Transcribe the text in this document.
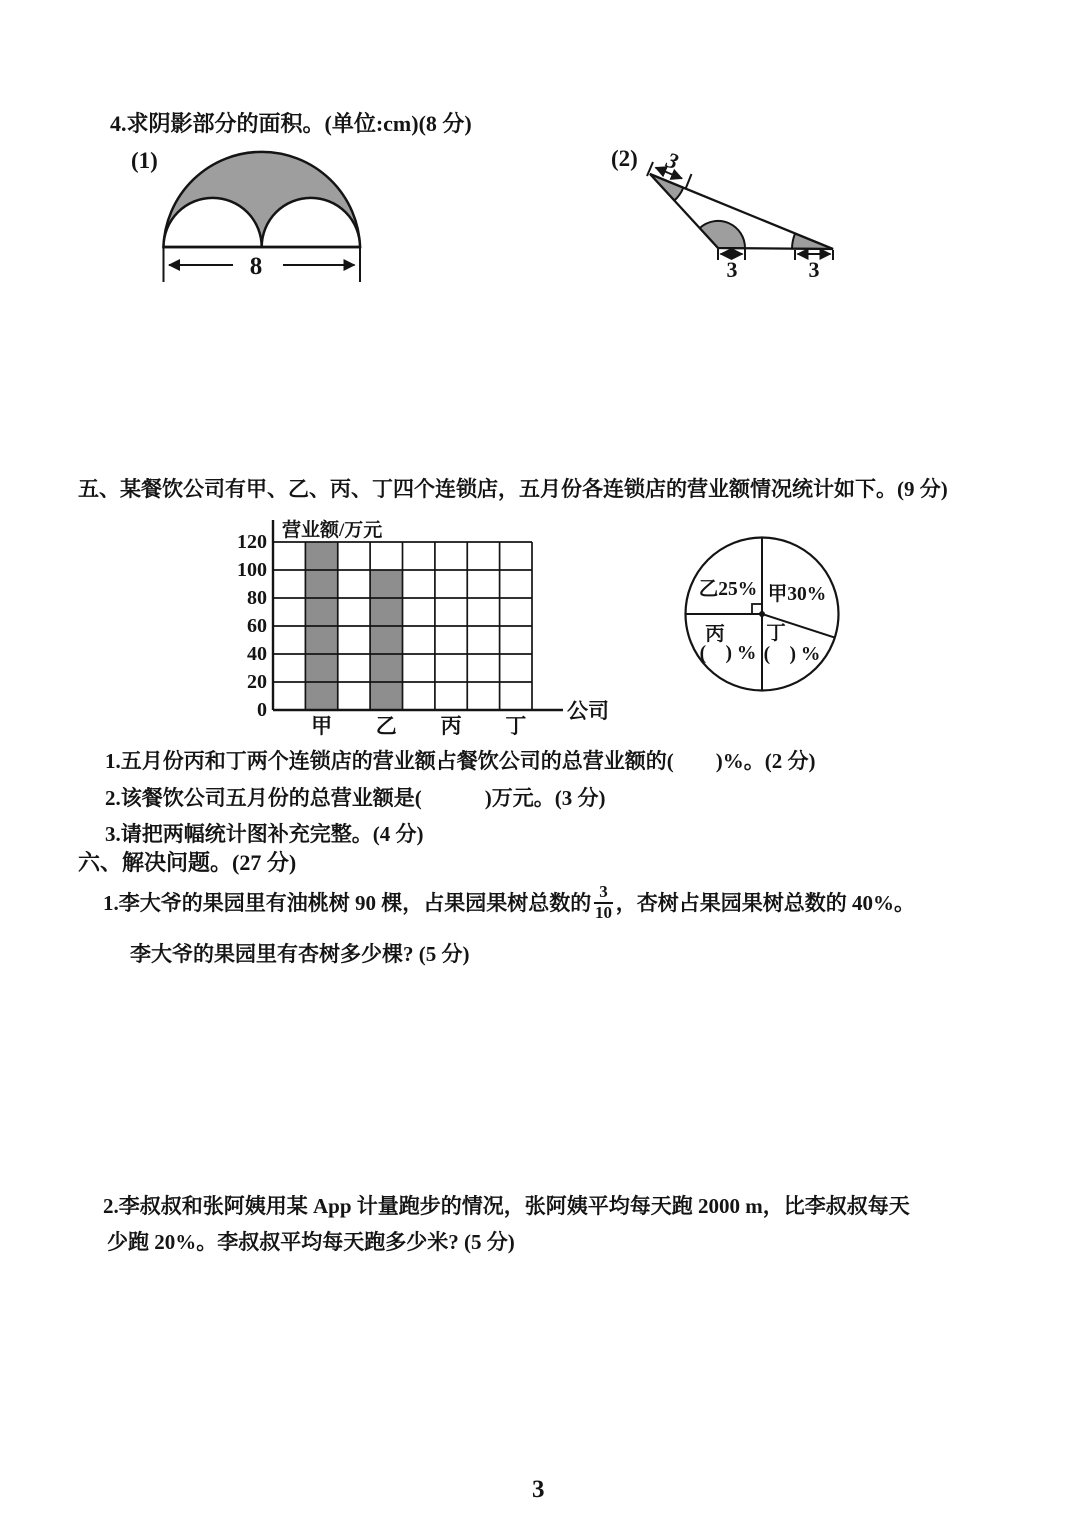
4.求阴影部分的面积。(单位:cm)(8 分)
(1)
8
(2) 3
3	3
五、某餐饮公司有甲、乙、丙、丁四个连锁店，五月份各连锁店的营业额情况统计如下。(9 分)
营业额/万元
0
20
40
60
80
100
120
甲 乙 丙 丁
公司
乙25% 甲30%
丙
(　) %
丁
(　) %
1.五月份丙和丁两个连锁店的营业额占餐饮公司的总营业额的(　　)%。(2 分)
2.该餐饮公司五月份的总营业额是(　　　)万元。(3 分)
3.请把两幅统计图补充完整。(4 分)
六、解决问题。(27 分)
1.李大爷的果园里有油桃树 90 棵，占果园果树总数的 $\frac{3}{10}$ ，杏树占果园果树总数的 40%。
李大爷的果园里有杏树多少棵? (5 分)
2.李叔叔和张阿姨用某 App 计量跑步的情况，张阿姨平均每天跑 2000 m，比李叔叔每天
少跑 20%。李叔叔平均每天跑多少米? (5 分)
3
